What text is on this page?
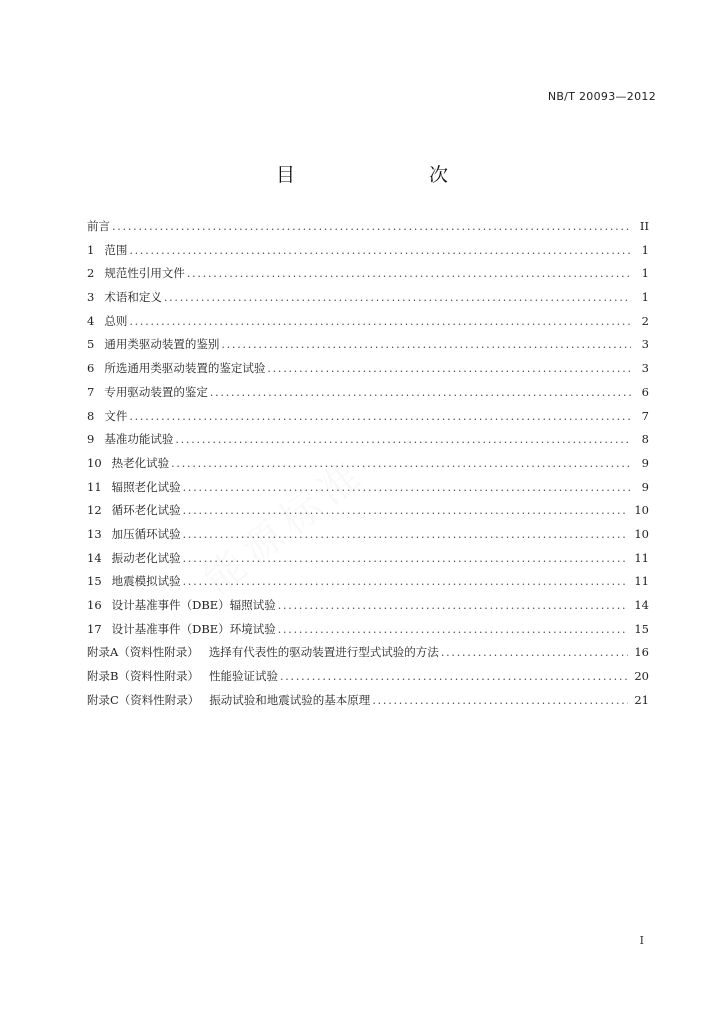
NB/T 20093—2012
目　　次
能源标准
前言 .....	II
1 范围 .....	1
2 规范性引用文件 .....	1
3 术语和定义 .....	1
4 总则 .....	2
5 通用类驱动装置的鉴别 .....	3
6 所选通用类驱动装置的鉴定试验 .....	3
7 专用驱动装置的鉴定 .....	6
8 文件 .....	7
9 基准功能试验 .....	8
10 热老化试验 .....	9
11 辐照老化试验 .....	9
12 循环老化试验 .....	10
13 加压循环试验 .....	10
14 振动老化试验 .....	11
15 地震模拟试验 .....	11
16 设计基准事件（DBE）辐照试验 .....	14
17 设计基准事件（DBE）环境试验 .....	15
附录A（资料性附录） 选择有代表性的驱动装置进行型式试验的方法 .....	16
附录B（资料性附录） 性能验证试验 .....	20
附录C（资料性附录） 振动试验和地震试验的基本原理 .....	21
I
